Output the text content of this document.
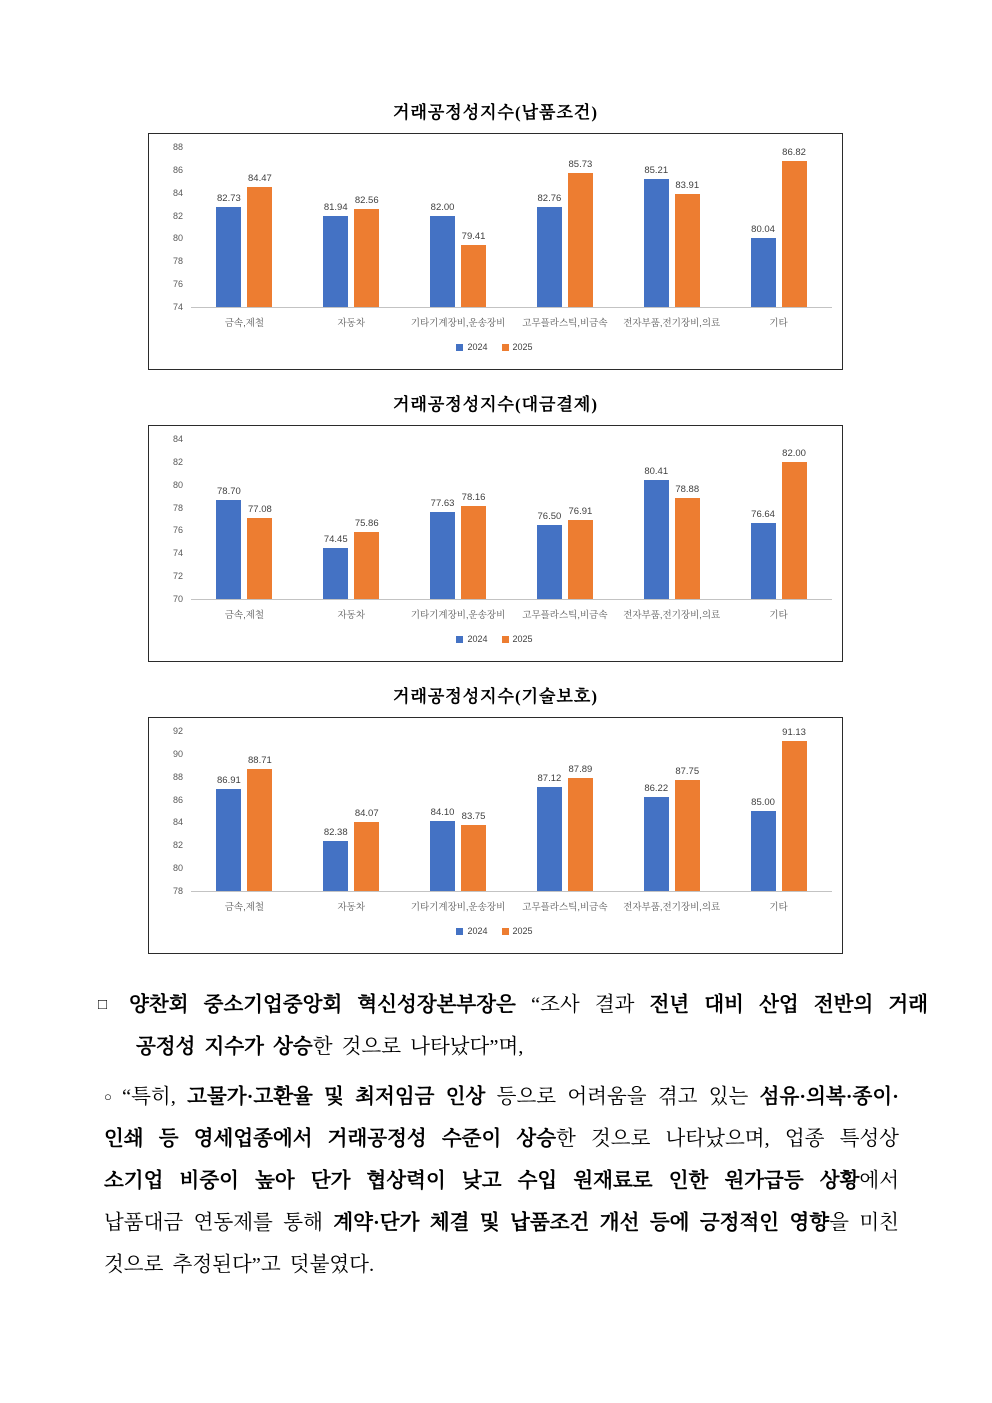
거래공정성지수(납품조건)
74
76
78
80
82
84
86
88
82.73
84.47
81.94
82.56
82.00
79.41
82.76
85.73
85.21
83.91
80.04
86.82
금속,제철	자동차	기타기계장비,운송장비	고무플라스틱,비금속	전자부품,전기장비,의료	기타
2024	2025
거래공정성지수(대금결제)
70
72
74
76
78
80
82
84
78.70
77.08
74.45
75.86
77.63
78.16
76.50 76.91
80.41
78.88
76.64
82.00
금속,제철	자동차	기타기계장비,운송장비	고무플라스틱,비금속	전자부품,전기장비,의료	기타
2024	2025
거래공정성지수(기술보호)
78
80
82
84
86
88
90
92
86.91
88.71
82.38
84.07	84.10 83.75
87.12
87.89
86.22
87.75
85.00
91.13
금속,제철	자동차	기타기계장비,운송장비	고무플라스틱,비금속	전자부품,전기장비,의료	기타
2024	2025
□ 양찬회 중소기업중앙회 혁신성장본부장은 “조사 결과 전년 대비 산업 전반의 거래 공정성 지수가 상승한 것으로 나타났다”며,
○ “특히, 고물가·고환율 및 최저임금 인상 등으로 어려움을 겪고 있는 섬유·의복·종이·인쇄 등 영세업종에서 거래공정성 수준이 상승한 것으로 나타났으며, 업종 특성상 소기업 비중이 높아 단가 협상력이 낮고 수입 원재료로 인한 원가급등 상황에서 납품대금 연동제를 통해 계약·단가 체결 및 납품조건 개선 등에 긍정적인 영향을 미친 것으로 추정된다”고 덧붙였다.
